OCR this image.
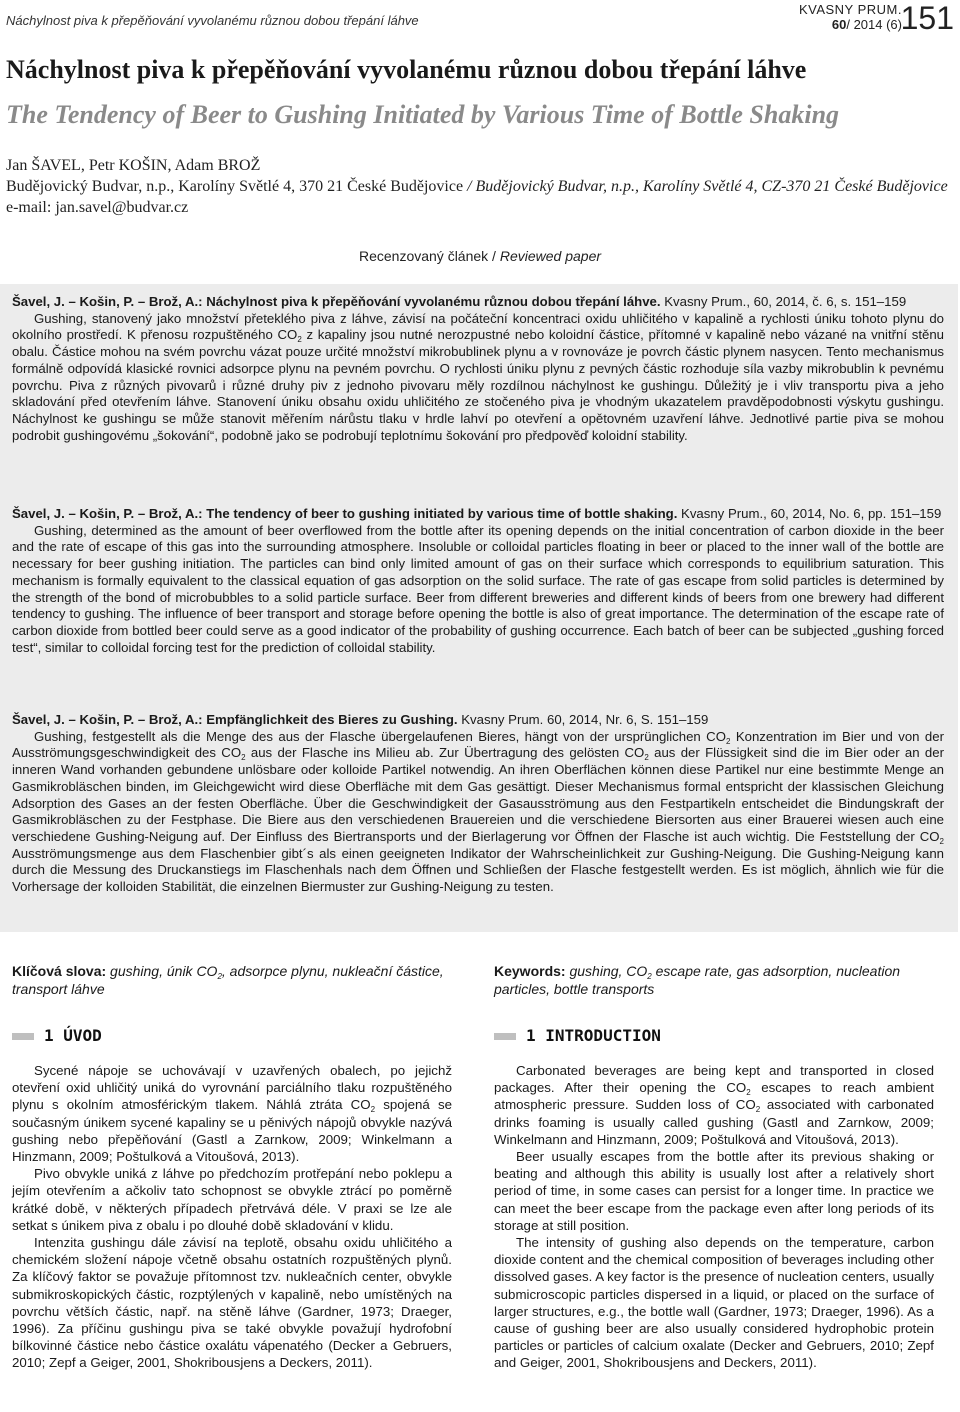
Náchylnost piva k přepěňování vyvolanému různou dobou třepání láhve
KVASNY PRUM.
60/ 2014 (6)
151
Náchylnost piva k přepěňování vyvolanému různou dobou třepání láhve
The Tendency of Beer to Gushing Initiated by Various Time of Bottle Shaking
Jan ŠAVEL, Petr KOŠIN, Adam BROŽ
Budějovický Budvar, n.p., Karolíny Světlé 4, 370 21 České Budějovice / Budějovický Budvar, n.p., Karolíny Světlé 4, CZ-370 21 České Budějovice
e-mail: jan.savel@budvar.cz
Recenzovaný článek / Reviewed paper
Šavel, J. – Košin, P. – Brož, A.: Náchylnost piva k přepěňování vyvolanému různou dobou třepání láhve. Kvasny Prum., 60, 2014, č. 6, s. 151–159

Gushing, stanovený jako množství přeteklého piva z láhve, závisí na počáteční koncentraci oxidu uhličitého v kapalině a rychlosti úniku tohoto plynu do okolního prostředí. K přenosu rozpuštěného $CO_2$ z kapaliny jsou nutné nerozpustné nebo koloidní částice, přítomné v kapalině nebo vázané na vnitřní stěnu obalu. Částice mohou na svém povrchu vázat pouze určité množství mikrobublinek plynu a v rovnováze je povrch částic plynem nasycen. Tento mechanismus formálně odpovídá klasické rovnici adsorpce plynu na pevném povrchu. O rychlosti úniku plynu z pevných částic rozhoduje síla vazby mikrobublin k pevnému povrchu. Piva z různých pivovarů i různé druhy piv z jednoho pivovaru měly rozdílnou náchylnost ke gushingu. Důležitý je i vliv transportu piva a jeho skladování před otevřením láhve. Stanovení úniku obsahu oxidu uhličitého ze stočeného piva je vhodným ukazatelem pravděpodobnosti výskytu gushingu. Náchylnost ke gushingu se může stanovit měřením nárůstu tlaku v hrdle lahví po otevření a opětovném uzavření láhve. Jednotlivé partie piva se mohou podrobit gushingovému „šokování“, podobně jako se podrobují teplotnímu šokování pro předpověď koloidní stability.

Šavel, J. – Košin, P. – Brož, A.: The tendency of beer to gushing initiated by various time of bottle shaking. Kvasny Prum., 60, 2014, No. 6, pp. 151–159

Gushing, determined as the amount of beer overflowed from the bottle after its opening depends on the initial concentration of carbon dioxide in the beer and the rate of escape of this gas into the surrounding atmosphere. Insoluble or colloidal particles floating in beer or placed to the inner wall of the bottle are necessary for beer gushing initiation. The particles can bind only limited amount of gas on their surface which corresponds to equilibrium saturation. This mechanism is formally equivalent to the classical equation of gas adsorption on the solid surface. The rate of gas escape from solid particles is determined by the strength of the bond of microbubbles to a solid particle surface. Beer from different breweries and different kinds of beers from one brewery had different tendency to gushing. The influence of beer transport and storage before opening the bottle is also of great importance. The determination of the escape rate of carbon dioxide from bottled beer could serve as a good indicator of the probability of gushing occurrence. Each batch of beer can be subjected „gushing forced test“, similar to colloidal forcing test for the prediction of colloidal stability.

Šavel, J. – Košin, P. – Brož, A.: Empfänglichkeit des Bieres zu Gushing. Kvasny Prum. 60, 2014, Nr. 6, S. 151–159

Gushing, festgestellt als die Menge des aus der Flasche übergelaufenen Bieres, hängt von der ursprünglichen $CO_2$ Konzentration im Bier und von der Ausströmungsgeschwindigkeit des $CO_2$ aus der Flasche ins Milieu ab. Zur Übertragung des gelösten $CO_2$ aus der Flüssigkeit sind die im Bier oder an der inneren Wand vorhanden gebundene unlösbare oder kolloide Partikel notwendig. An ihren Oberflächen können diese Partikel nur eine bestimmte Menge an Gasmikrobläschen binden, im Gleichgewicht wird diese Oberfläche mit dem Gas gesättigt. Dieser Mechanismus formal entspricht der klassischen Gleichung Adsorption des Gases an der festen Oberfläche. Über die Geschwindigkeit der Gasausströmung aus den Festpartikeln entscheidet die Bindungskraft der Gasmikrobläschen zu der Festphase. Die Biere aus den verschiedenen Brauereien und die verschiedene Biersorten aus einer Brauerei wiesen auch eine verschiedene Gushing-Neigung auf. Der Einfluss des Biertransports und der Bierlagerung vor Öffnen der Flasche ist auch wichtig. Die Feststellung der $CO_2$ Ausströmungsmenge aus dem Flaschenbier gibt´s als einen geeigneten Indikator der Wahrscheinlichkeit zur Gushing-Neigung. Die Gushing-Neigung kann durch die Messung des Druckanstiegs im Flaschenhals nach dem Öffnen und Schließen der Flasche festgestellt werden. Es ist möglich, ähnlich wie für die Vorhersage der kolloiden Stabilität, die einzelnen Biermuster zur Gushing-Neigung zu testen.

Klíčová slova: gushing, únik $CO_2$, adsorpce plynu, nukleační částice, transport láhve
Keywords: gushing, $CO_2$ escape rate, gas adsorption, nucleation particles, bottle transports
1 ÚVOD	1 INTRODUCTION

Sycené nápoje se uchovávají v uzavřených obalech, po jejichž otevření oxid uhličitý uniká do vyrovnání parciálního tlaku rozpuštěného plynu s okolním atmosférickým tlakem. Náhlá ztráta $CO_2$ spojená se současným únikem sycené kapaliny se u pěnivých nápojů obvykle nazývá gushing nebo přepěňování (Gastl a Zarnkow, 2009; Winkelmann a Hinzmann, 2009; Poštulková a Vitoušová, 2013).

Pivo obvykle uniká z láhve po předchozím protřepání nebo poklepu a jejím otevřením a ačkoliv tato schopnost se obvykle ztrácí po poměrně krátké době, v některých případech přetrvává déle. V praxi se lze ale setkat s únikem piva z obalu i po dlouhé době skladování v klidu.

Intenzita gushingu dále závisí na teplotě, obsahu oxidu uhličitého a chemickém složení nápoje včetně obsahu ostatních rozpuštěných plynů. Za klíčový faktor se považuje přítomnost tzv. nukleačních center, obvykle submikroskopických částic, rozptýlených v kapalině, nebo umístěných na povrchu větších částic, např. na stěně láhve (Gardner, 1973; Draeger, 1996). Za příčinu gushingu piva se také obvykle považují hydrofobní bílkovinné částice nebo částice oxalátu vápenatého (Decker a Gebruers, 2010; Zepf a Geiger, 2001, Shokribousjens a Deckers, 2011).

Carbonated beverages are being kept and transported in closed packages. After their opening the $CO_2$ escapes to reach ambient atmospheric pressure. Sudden loss of $CO_2$ associated with carbonated drinks foaming is usually called gushing (Gastl and Zarnkow, 2009; Winkelmann and Hinzmann, 2009; Poštulková and Vitoušová, 2013).

Beer usually escapes from the bottle after its previous shaking or beating and although this ability is usually lost after a relatively short period of time, in some cases can persist for a longer time. In practice we can meet the beer escape from the package even after long periods of its storage at still position.

The intensity of gushing also depends on the temperature, carbon dioxide content and the chemical composition of beverages including other dissolved gases. A key factor is the presence of nucleation centers, usually submicroscopic particles dispersed in a liquid, or placed on the surface of larger structures, e.g., the bottle wall (Gardner, 1973; Draeger, 1996). As a cause of gushing beer are also usually considered hydrophobic protein particles or particles of calcium oxalate (Decker and Gebruers, 2010; Zepf and Geiger, 2001, Shokribousjens and Deckers, 2011).
